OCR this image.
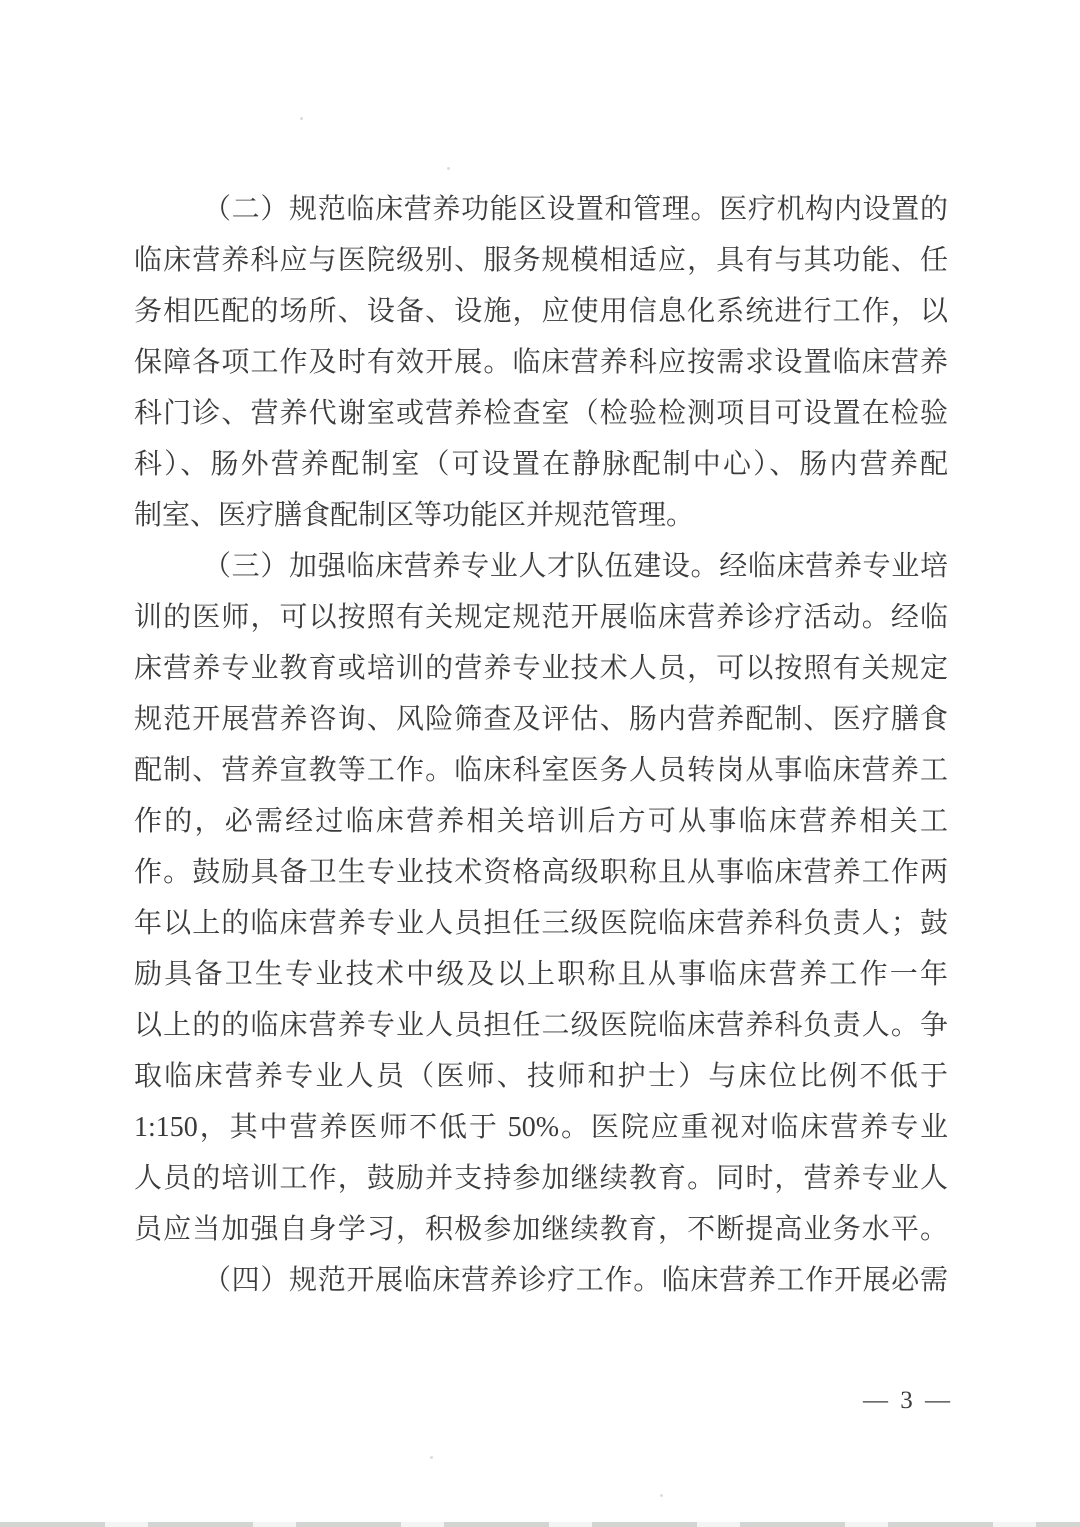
（二）规范临床营养功能区设置和管理。医疗机构内设置的
临床营养科应与医院级别、服务规模相适应，具有与其功能、任
务相匹配的场所、设备、设施，应使用信息化系统进行工作，以
保障各项工作及时有效开展。临床营养科应按需求设置临床营养
科门诊、营养代谢室或营养检查室（检验检测项目可设置在检验
科）、肠外营养配制室（可设置在静脉配制中心）、肠内营养配
制室、医疗膳食配制区等功能区并规范管理。
（三）加强临床营养专业人才队伍建设。经临床营养专业培
训的医师，可以按照有关规定规范开展临床营养诊疗活动。经临
床营养专业教育或培训的营养专业技术人员，可以按照有关规定
规范开展营养咨询、风险筛查及评估、肠内营养配制、医疗膳食
配制、营养宣教等工作。临床科室医务人员转岗从事临床营养工
作的，必需经过临床营养相关培训后方可从事临床营养相关工
作。鼓励具备卫生专业技术资格高级职称且从事临床营养工作两
年以上的临床营养专业人员担任三级医院临床营养科负责人；鼓
励具备卫生专业技术中级及以上职称且从事临床营养工作一年
以上的的临床营养专业人员担任二级医院临床营养科负责人。争
取临床营养专业人员（医师、技师和护士）与床位比例不低于
1:150，其中营养医师不低于 50%。医院应重视对临床营养专业
人员的培训工作，鼓励并支持参加继续教育。同时，营养专业人
员应当加强自身学习，积极参加继续教育，不断提高业务水平。
（四）规范开展临床营养诊疗工作。临床营养工作开展必需
— 3 —
